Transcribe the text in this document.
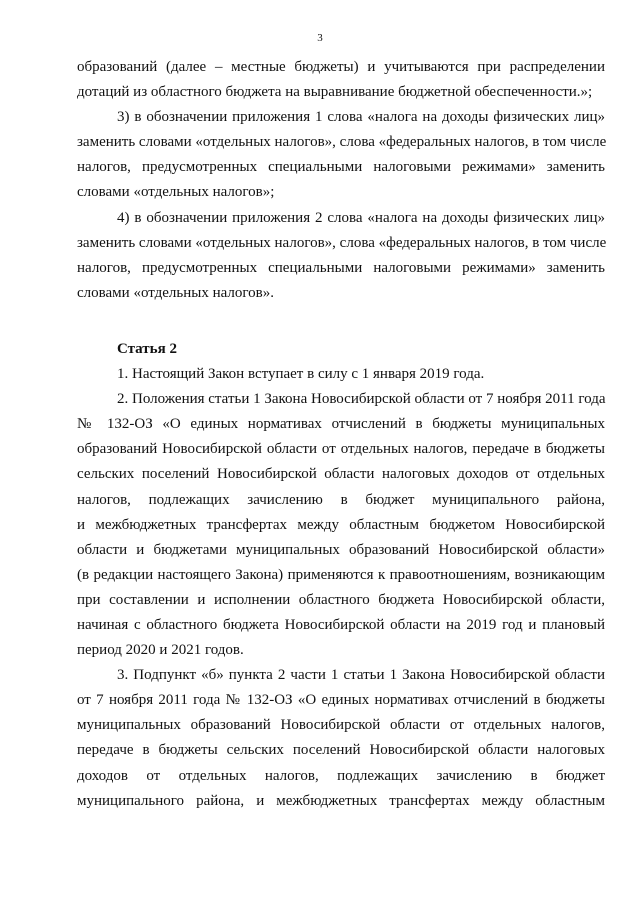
3
образований (далее – местные бюджеты) и учитываются при распределении
дотаций из областного бюджета на выравнивание бюджетной обеспеченности.»;
3) в обозначении приложения 1 слова «налога на доходы физических лиц»
заменить словами «отдельных налогов», слова «федеральных налогов, в том числе
налогов, предусмотренных специальными налоговыми режимами» заменить
словами «отдельных налогов»;
4) в обозначении приложения 2 слова «налога на доходы физических лиц»
заменить словами «отдельных налогов», слова «федеральных налогов, в том числе
налогов, предусмотренных специальными налоговыми режимами» заменить
словами «отдельных налогов».
Статья 2
1. Настоящий Закон вступает в силу с 1 января 2019 года.
2. Положения статьи 1 Закона Новосибирской области от 7 ноября 2011 года
№ 132-ОЗ «О единых нормативах отчислений в бюджеты муниципальных
образований Новосибирской области от отдельных налогов, передаче в бюджеты
сельских поселений Новосибирской области налоговых доходов от отдельных
налогов, подлежащих зачислению в бюджет муниципального района,
и межбюджетных трансфертах между областным бюджетом Новосибирской
области и бюджетами муниципальных образований Новосибирской области»
(в редакции настоящего Закона) применяются к правоотношениям, возникающим
при составлении и исполнении областного бюджета Новосибирской области,
начиная с областного бюджета Новосибирской области на 2019 год и плановый
период 2020 и 2021 годов.
3. Подпункт «б» пункта 2 части 1 статьи 1 Закона Новосибирской области
от 7 ноября 2011 года № 132-ОЗ «О единых нормативах отчислений в бюджеты
муниципальных образований Новосибирской области от отдельных налогов,
передаче в бюджеты сельских поселений Новосибирской области налоговых
доходов от отдельных налогов, подлежащих зачислению в бюджет
муниципального района, и межбюджетных трансфертах между областным
